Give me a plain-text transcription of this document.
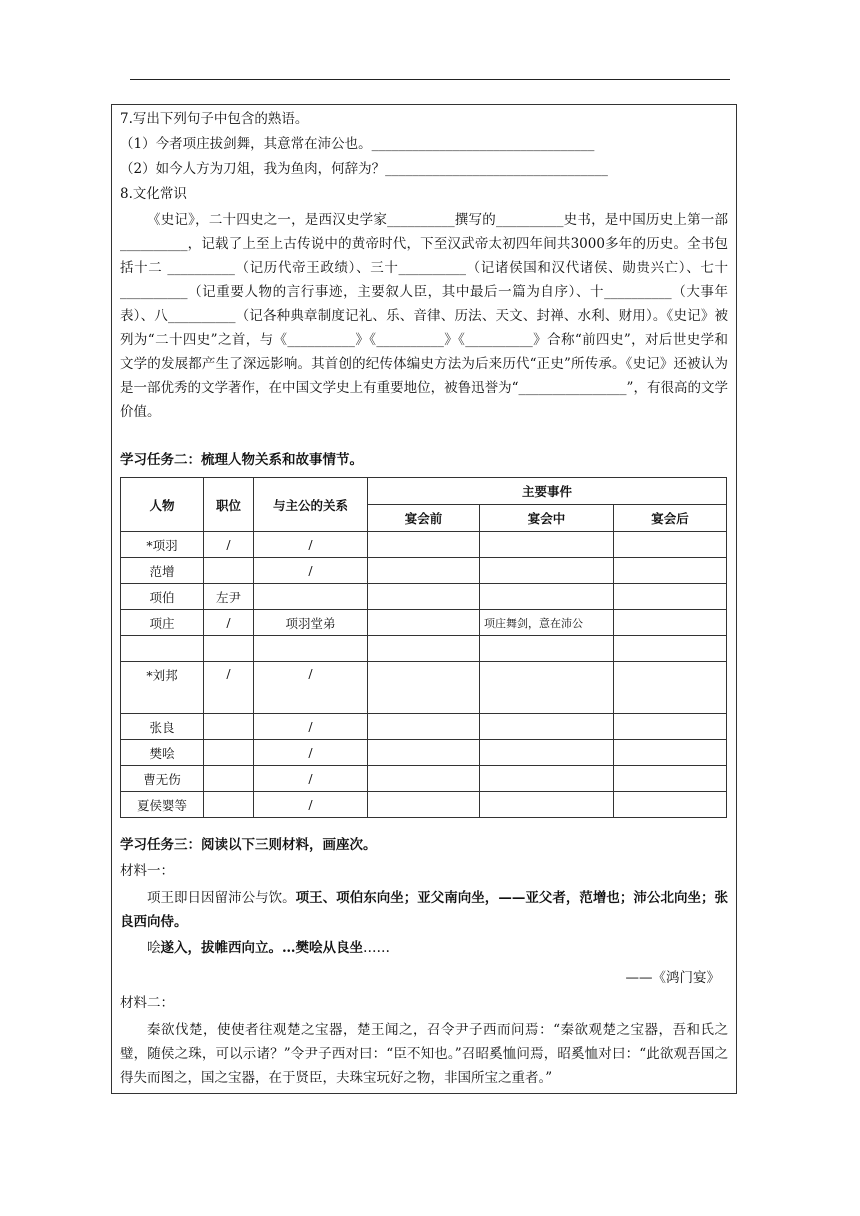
7.写出下列句子中包含的熟语。
（1）今者项庄拔剑舞，其意常在沛公也。_________________________________
（2）如今人方为刀俎，我为鱼肉，何辞为？_________________________________
8.文化常识

《史记》，二十四史之一，是西汉史学家__________撰写的__________史书，是中国历史上第一部__________，记载了上至上古传说中的黄帝时代，下至汉武帝太初四年间共3000多年的历史。全书包括十二 __________（记历代帝王政绩）、三十__________（记诸侯国和汉代诸侯、勋贵兴亡）、七十__________（记重要人物的言行事迹，主要叙人臣，其中最后一篇为自序）、十__________（大事年表）、八__________（记各种典章制度记礼、乐、音律、历法、天文、封禅、水利、财用）。《史记》被列为“二十四史”之首，与《__________》《__________》《__________》合称“前四史”，对后世史学和文学的发展都产生了深远影响。其首创的纪传体编史方法为后来历代“正史”所传承。《史记》还被认为是一部优秀的文学著作，在中国文学史上有重要地位，被鲁迅誉为“________________”，有很高的文学价值。

学习任务二：梳理人物关系和故事情节。
人物	职位	与主公的关系	主要事件		
			宴会前	宴会中	宴会后
*项羽	/	/			
范增		/			
项伯	左尹				
项庄	/	项羽堂弟		项庄舞剑，意在沛公	

*刘邦	/	/			
张良		/			
樊哙		/			
曹无伤		/			
夏侯婴等		/			
学习任务三：阅读以下三则材料，画座次。
材料一：

项王即日因留沛公与饮。项王、项伯东向坐；亚父南向坐，——亚父者，范增也；沛公北向坐；张良西向侍。

哙遂入，拔帷西向立。…樊哙从良坐……

——《鸿门宴》
材料二：

秦欲伐楚，使使者往观楚之宝器，楚王闻之，召令尹子西而问焉：“秦欲观楚之宝器，吾和氏之璧，随侯之珠，可以示诸？”令尹子西对曰：“臣不知也。”召昭奚恤问焉，昭奚恤对曰：“此欲观吾国之得失而图之，国之宝器，在于贤臣，夫珠宝玩好之物，非国所宝之重者。”
